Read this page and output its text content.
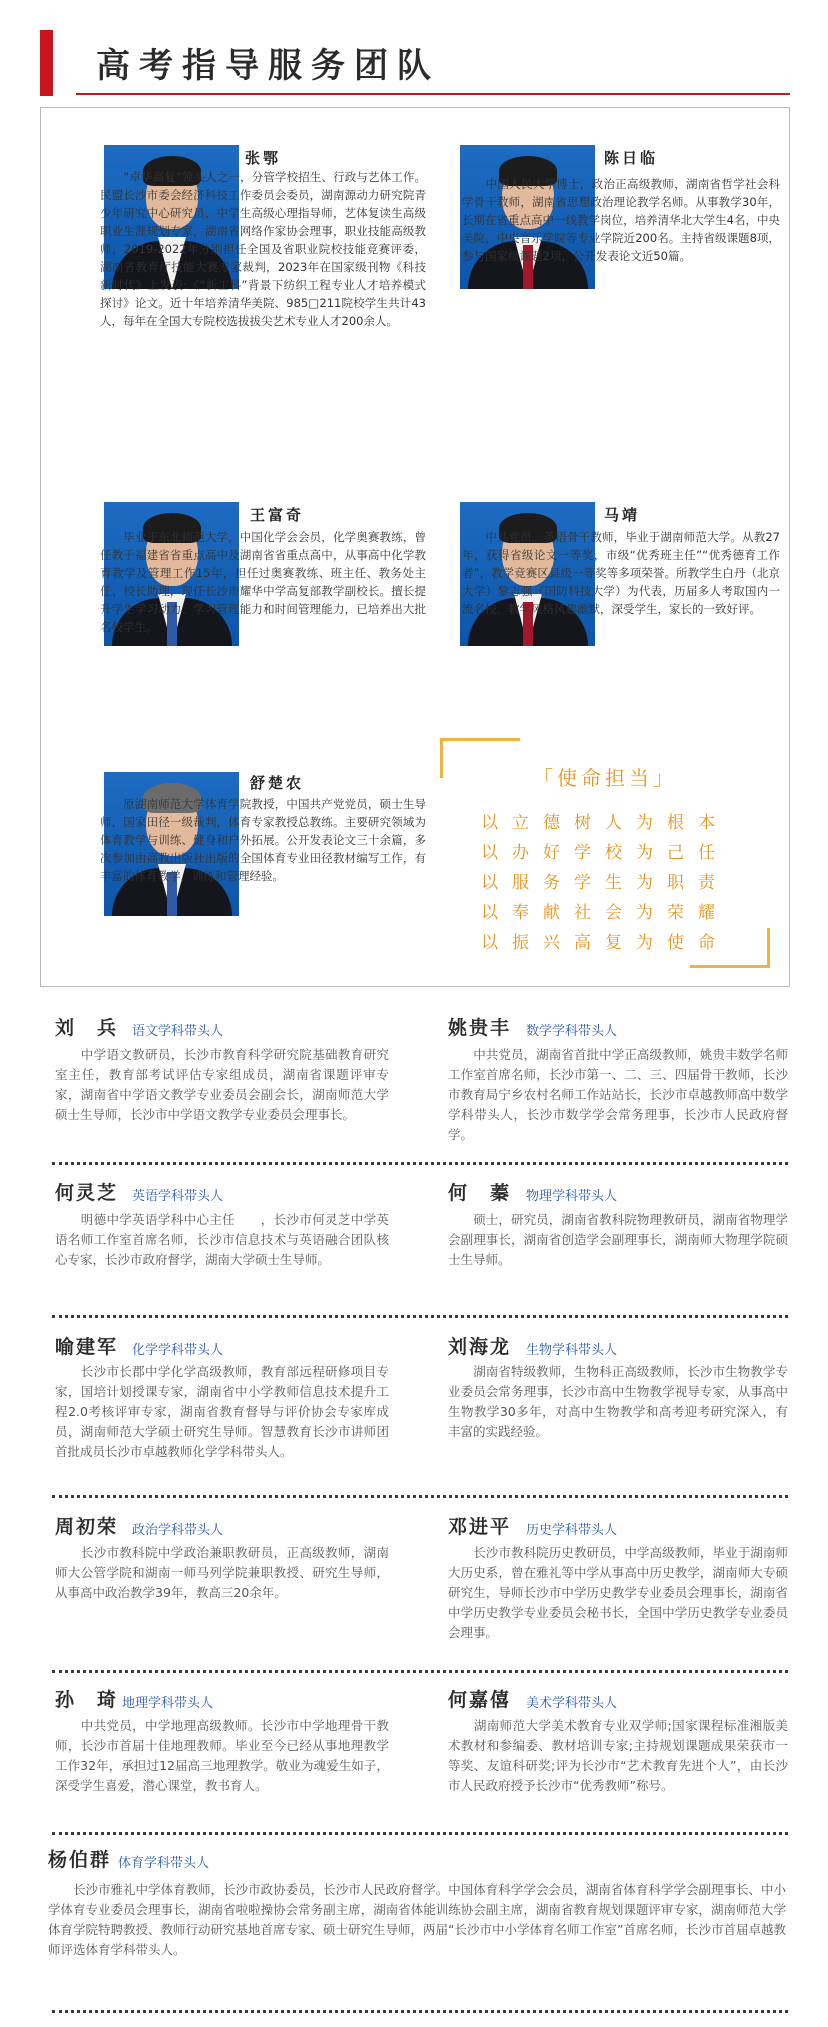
高考指导服务团队
张鄂
　　“卓华高复”领头人之一，分管学校招生、行政与艺体工作。民盟长沙市委会经济科技工作委员会委员，湖南源动力研究院青少年研究中心研究员，中学生高级心理指导师，艺体复读生高级职业生涯规划专家，湖南省网络作家协会理事，职业技能高级教师，2019-2022年分别担任全国及省职业院校技能竞赛评委，湖南省教育厅技能大赛专家裁判，2023年在国家级刊物《科技新时代》上发表:《“新工科”背景下纺织工程专业人才培养模式探讨》论文。近十年培养清华美院、985□211院校学生共计43人，每年在全国大专院校选拔拔尖艺术专业人才200余人。
陈日临
　　中国人民大学博士，政治正高级教师，湖南省哲学社会科学骨干教师，湖南省思想政治理论教学名师。从事教学30年，长期在省重点高中一线教学岗位，培养清华北大学生4名，中央美院，中央音乐学院等专业学院近200名。主持省级课题8项，参与国家级课题2项，公开发表论文近50篇。
王富奇
　　毕业于东北师范大学，中国化学会会员，化学奥赛教练，曾任教于福建省省重点高中及湖南省省重点高中，从事高中化学教育教学及管理工作15年，担任过奥赛教练、班主任、教务处主任、校长助理，现任长沙市耀华中学高复部教学副校长。擅长提升学生学习动力、学习管理能力和时间管理能力，已培养出大批名校学生。
马靖
　　中共党员。英语骨干教师，毕业于湖南师范大学。从教27年，获得省级论文一等奖，市级“优秀班主任”“优秀德育工作者”，教学竞赛区县级一等奖等多项荣誉。所教学生白丹（北京大学）黎志强（国防科技大学）为代表，历届多人考取国内一流名校。教学风格风趣幽默，深受学生，家长的一致好评。
舒楚农
　　原湖南师范大学体育学院教授，中国共产党党员，硕士生导师，国家田径一级裁判，体育专家教授总教练。主要研究领域为体育教学与训练、健身和户外拓展。公开发表论文三十余篇，多次参加由高教出版社出版的全国体育专业田径教材编写工作，有丰富的体育教学，训练和管理经验。
「使命担当」
以立德树人为根本
以办好学校为己任
以服务学生为职责
以奉献社会为荣耀
以振兴高复为使命
刘　兵 语文学科带头人
　　中学语文教研员，长沙市教育科学研究院基础教育研究室主任，教育部考试评估专家组成员，湖南省课题评审专家，湖南省中学语文教学专业委员会副会长，湖南师范大学硕士生导师，长沙市中学语文教学专业委员会理事长。
姚贵丰 数学学科带头人
　　中共党员，湖南省首批中学正高级教师，姚贵丰数学名师工作室首席名师，长沙市第一、二、三、四届骨干教师，长沙市教育局宁乡农村名师工作站站长，长沙市卓越教师高中数学学科带头人，长沙市数学学会常务理事，长沙市人民政府督学。
何灵芝 英语学科带头人
　　明德中学英语学科中心主任　　，长沙市何灵芝中学英语名师工作室首席名师，长沙市信息技术与英语融合团队核心专家，长沙市政府督学，湖南大学硕士生导师。
何　蓁 物理学科带头人
　　硕士，研究员，湖南省教科院物理教研员，湖南省物理学会副理事长，湖南省创造学会副理事长，湖南师大物理学院硕士生导师。
喻建军 化学学科带头人
　　长沙市长郡中学化学高级教师，教育部远程研修项目专家，国培计划授课专家，湖南省中小学教师信息技术提升工程2.0考核评审专家，湖南省教育督导与评价协会专家库成员，湖南师范大学硕士研究生导师。智慧教育长沙市讲师团首批成员长沙市卓越教师化学学科带头人。
刘海龙 生物学科带头人
　　湖南省特级教师，生物科正高级教师，长沙市生物教学专业委员会常务理事，长沙市高中生物教学视导专家，从事高中生物教学30多年，对高中生物教学和高考迎考研究深入，有丰富的实践经验。
周初荣 政治学科带头人
　　长沙市教科院中学政治兼职教研员，正高级教师，湖南师大公管学院和湖南一师马列学院兼职教授、研究生导师，从事高中政治教学39年，教高三20余年。
邓进平 历史学科带头人
　　长沙市教科院历史教研员，中学高级教师，毕业于湖南师大历史系，曾在雅礼等中学从事高中历史教学，湖南师大专硕研究生，导师长沙市中学历史教学专业委员会理事长，湖南省中学历史教学专业委员会秘书长，全国中学历史教学专业委员会理事。
孙　琦 地理学科带头人
　　中共党员，中学地理高级教师。长沙市中学地理骨干教师，长沙市首届十佳地理教师。毕业至今已经从事地理教学工作32年，承担过12届高三地理教学。敬业为魂爱生如子，深受学生喜爱，潜心课堂，教书育人。
何嘉僖 美术学科带头人
　　湖南师范大学美术教育专业双学师;国家课程标准湘版美术教材和参编委、教材培训专家;主持规划课题成果荣获市一等奖、友谊科研奖;评为长沙市“艺术教育先进个人”，由长沙市人民政府授予长沙市“优秀教师”称号。
杨伯群 体育学科带头人
　　长沙市雅礼中学体育教师，长沙市政协委员，长沙市人民政府督学。中国体育科学学会会员，湖南省体育科学学会副理事长、中小学体育专业委员会理事长，湖南省啦啦操协会常务副主席，湖南省体能训练协会副主席，湖南省教育规划课题评审专家，湖南师范大学体育学院特聘教授、教师行动研究基地首席专家、硕士研究生导师，两届“长沙市中小学体育名师工作室”首席名师，长沙市首届卓越教师评选体育学科带头人。
